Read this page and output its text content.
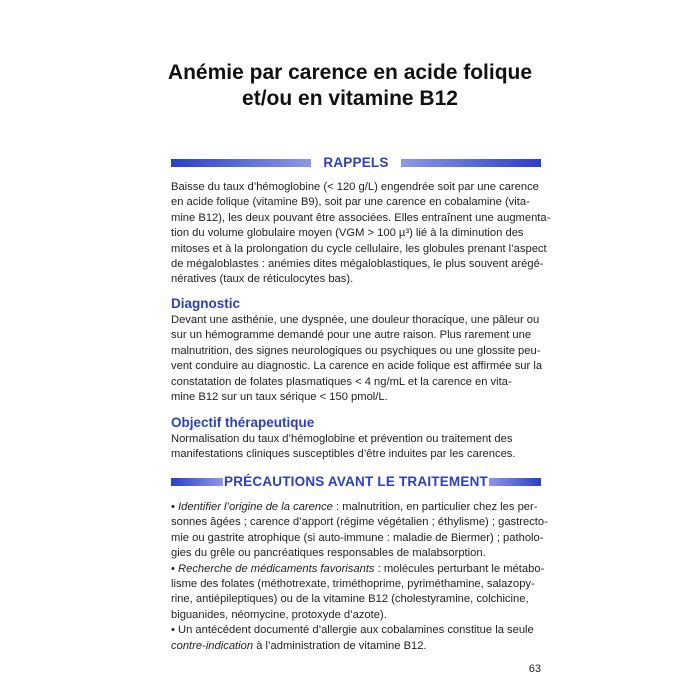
Anémie par carence en acide folique
et/ou en vitamine B12
RAPPELS
Baisse du taux d’hémoglobine (< 120 g/L) engendrée soit par une carence
en acide folique (vitamine B9), soit par une carence en cobalamine (vita-
mine B12), les deux pouvant être associées. Elles entraînent une augmenta-
tion du volume globulaire moyen (VGM > 100 µ³) lié à la diminution des
mitoses et à la prolongation du cycle cellulaire, les globules prenant l’aspect
de mégaloblastes : anémies dites mégaloblastiques, le plus souvent arégé-
nératives (taux de réticulocytes bas).
Diagnostic
Devant une asthénie, une dyspnée, une douleur thoracique, une pâleur ou
sur un hémogramme demandé pour une autre raison. Plus rarement une
malnutrition, des signes neurologiques ou psychiques ou une glossite peu-
vent conduire au diagnostic. La carence en acide folique est affirmée sur la
constatation de folates plasmatiques < 4 ng/mL et la carence en vita-
mine B12 sur un taux sérique < 150 pmol/L.
Objectif thérapeutique
Normalisation du taux d’hémoglobine et prévention ou traitement des
manifestations cliniques susceptibles d’être induites par les carences.
PRÉCAUTIONS AVANT LE TRAITEMENT
• Identifier l’origine de la carence : malnutrition, en particulier chez les per-
sonnes âgées ; carence d’apport (régime végétalien ; éthylisme) ; gastrecto-
mie ou gastrite atrophique (si auto-immune : maladie de Biermer) ; patholo-
gies du grêle ou pancréatiques responsables de malabsorption.
• Recherche de médicaments favorisants : molécules perturbant le métabo-
lisme des folates (méthotrexate, triméthoprime, pyriméthamine, salazopy-
rine, antiépileptiques) ou de la vitamine B12 (cholestyramine, colchicine,
biguanides, néomycine, protoxyde d’azote).
• Un antécédent documenté d’allergie aux cobalamines constitue la seule
contre-indication à l’administration de vitamine B12.
63
